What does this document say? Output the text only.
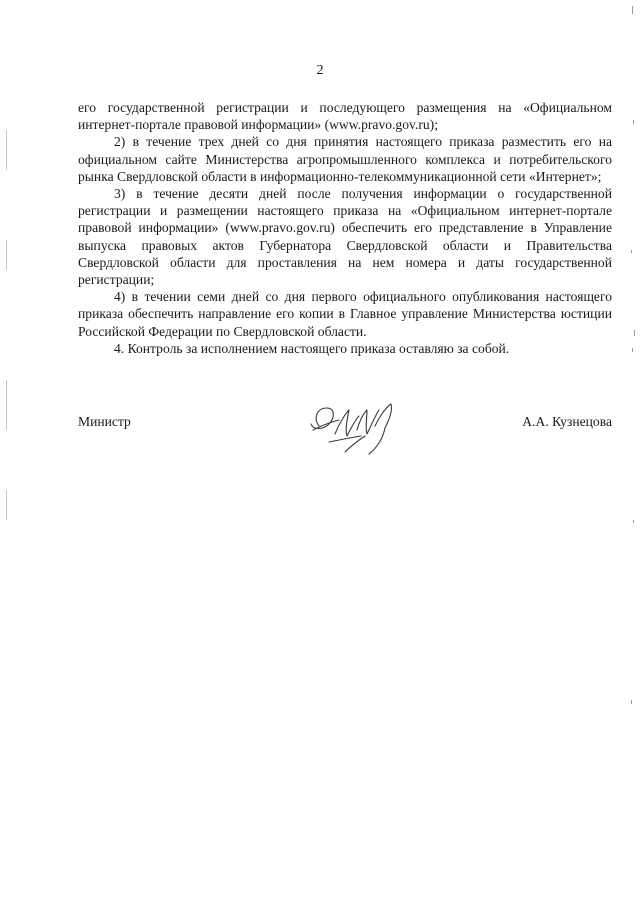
2

его государственной регистрации и последующего размещения на «Официальном интернет-портале правовой информации» (www.pravo.gov.ru);

2) в течение трех дней со дня принятия настоящего приказа разместить его на официальном сайте Министерства агропромышленного комплекса и потребительского рынка Свердловской области в информационно-телекоммуникационной сети «Интернет»;

3) в течение десяти дней после получения информации о государственной регистрации и размещении настоящего приказа на «Официальном интернет-портале правовой информации» (www.pravo.gov.ru) обеспечить его представление в Управление выпуска правовых актов Губернатора Свердловской области и Правительства Свердловской области для проставления на нем номера и даты государственной регистрации;

4) в течении семи дней со дня первого официального опубликования настоящего приказа обеспечить направление его копии в Главное управление Министерства юстиции Российской Федерации по Свердловской области.

4. Контроль за исполнением настоящего приказа оставляю за собой.

Министр	А.А. Кузнецова
